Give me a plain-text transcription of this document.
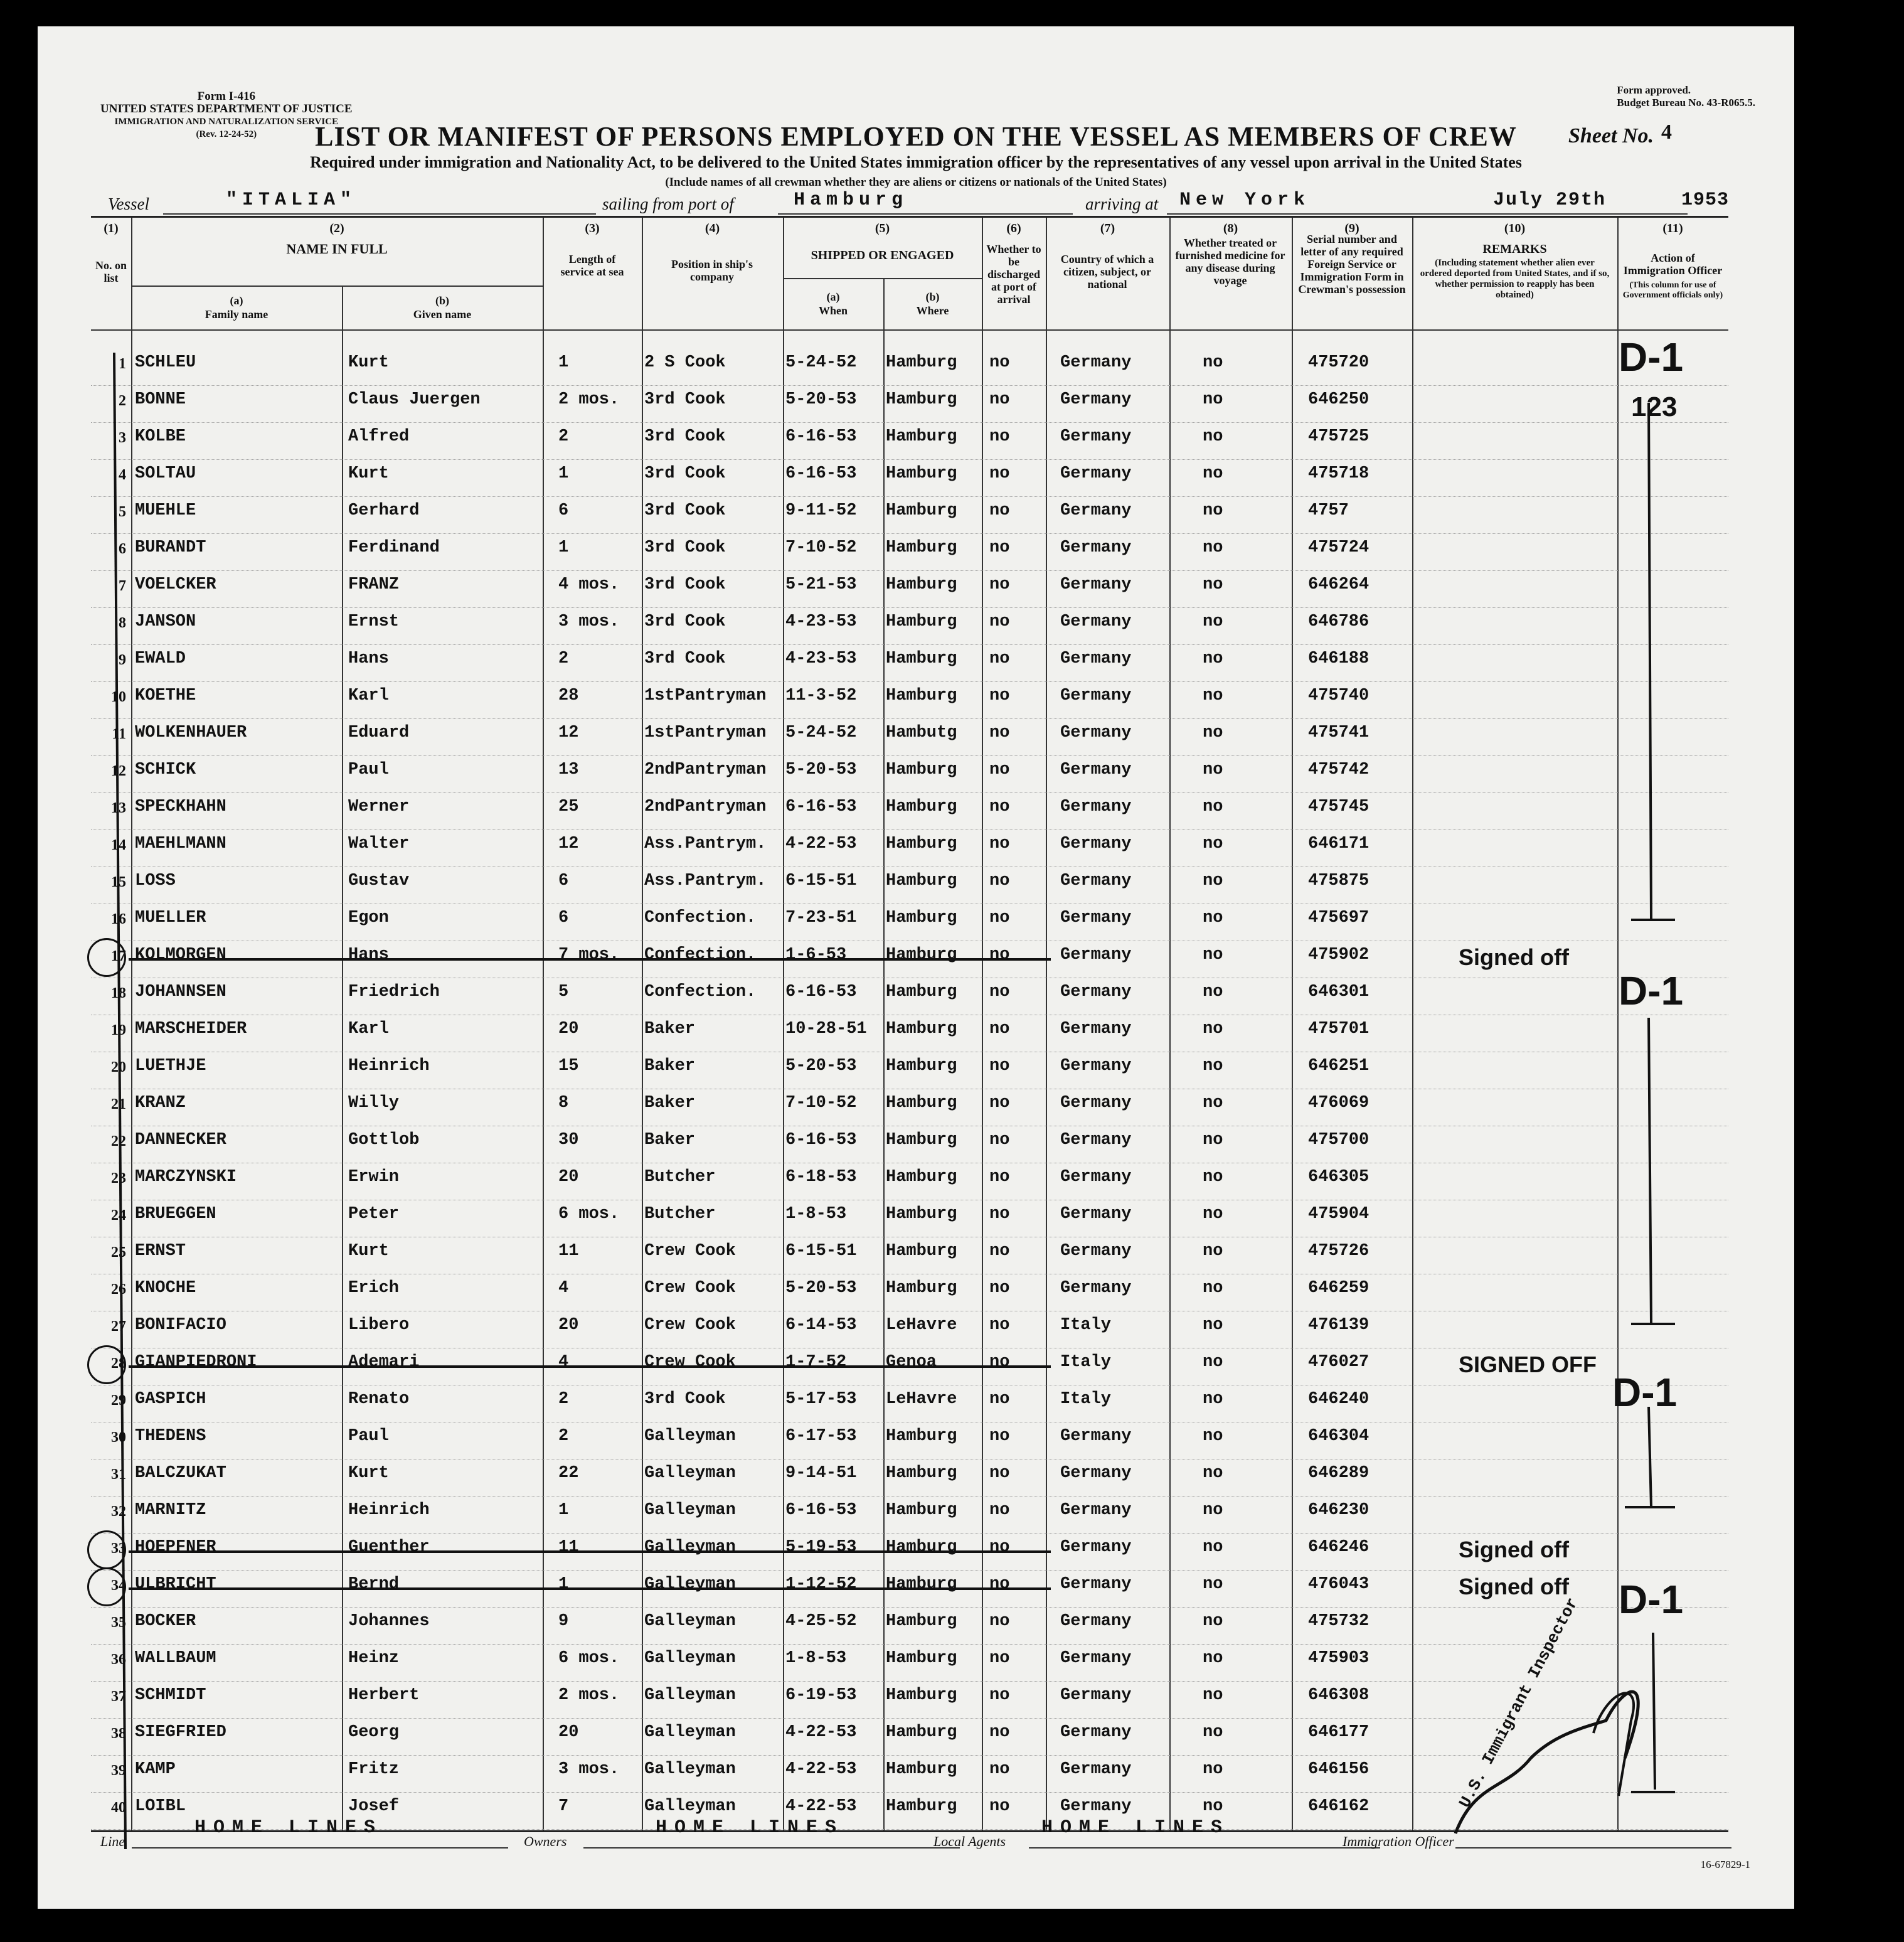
Form I-416
UNITED STATES DEPARTMENT OF JUSTICE
IMMIGRATION AND NATURALIZATION SERVICE
(Rev. 12-24-52)
Form approved.
Budget Bureau No. 43-R065.5.
LIST OR MANIFEST OF PERSONS EMPLOYED ON THE VESSEL AS MEMBERS OF CREW	Sheet No. 4
Required under immigration and Nationality Act, to be delivered to the United States immigration officer by the representatives of any vessel upon arrival in the United States
(Include names of all crewman whether they are aliens or citizens or nationals of the United States)
Vessel	"ITALIA"	sailing from port of	Hamburg	arriving at New York	July 29th	1953
(1)
No. on list
(2)
NAME IN FULL
(a)
Family name
(b)
Given name
(3)
Length of service at sea
(4)
Position in ship's company
(5)
SHIPPED OR ENGAGED
(a)
When
(b)
Where
(6)
Whether to be discharged at port of arrival
(7)
Country of which a citizen, subject, or national
(8)
Whether treated or furnished medicine for any disease during voyage
(9)
Serial number and letter of any required Foreign Service or Immigration Form in Crewman's possession
(10)
REMARKS
(Including statement whether alien ever ordered deported from United States, and if so, whether permission to reapply has been obtained)
(11)
Action of Immigration Officer
(This column for use of Government officials only)
1 SCHLEU	Kurt	1	2 S Cook	5-24-52 Hamburg no	Germany	no	475720
2 BONNE	Claus Juergen	2 mos. 3rd Cook	5-20-53 Hamburg no	Germany	no	646250
3 KOLBE	Alfred	2	3rd Cook	6-16-53 Hamburg no	Germany	no	475725
4 SOLTAU	Kurt	1	3rd Cook	6-16-53 Hamburg no	Germany	no	475718
5 MUEHLE	Gerhard	6	3rd Cook	9-11-52 Hamburg no	Germany	no	4757
6 BURANDT	Ferdinand	1	3rd Cook	7-10-52 Hamburg no	Germany	no	475724
7 VOELCKER	FRANZ	4 mos. 3rd Cook	5-21-53 Hamburg no	Germany	no	646264
8 JANSON	Ernst	3 mos. 3rd Cook	4-23-53 Hamburg no	Germany	no	646786
9 EWALD	Hans	2	3rd Cook	4-23-53 Hamburg no	Germany	no	646188
10 KOETHE	Karl	28	1stPantryman 11-3-52 Hamburg no	Germany	no	475740
11 WOLKENHAUER	Eduard	12	1stPantryman 5-24-52 Hambutg no	Germany	no	475741
12 SCHICK	Paul	13	2ndPantryman 5-20-53 Hamburg no	Germany	no	475742
13 SPECKHAHN	Werner	25	2ndPantryman 6-16-53 Hamburg no	Germany	no	475745
14 MAEHLMANN	Walter	12	Ass.Pantrym. 4-22-53 Hamburg no	Germany	no	646171
15 LOSS	Gustav	6	Ass.Pantrym. 6-15-51 Hamburg no	Germany	no	475875
16 MUELLER	Egon	6	Confection. 7-23-51 Hamburg no	Germany	no	475697
17 KOLMORGEN	Hans	7 mos. Confection. 1-6-53 Hamburg no	Germany	no	475902	Signed off
18 JOHANNSEN	Friedrich	5	Confection. 6-16-53 Hamburg no	Germany	no	646301
19 MARSCHEIDER	Karl	20	Baker	10-28-51 Hamburg no	Germany	no	475701
20 LUETHJE	Heinrich	15	Baker	5-20-53 Hamburg no	Germany	no	646251
21 KRANZ	Willy	8	Baker	7-10-52 Hamburg no	Germany	no	476069
22 DANNECKER	Gottlob	30	Baker	6-16-53 Hamburg no	Germany	no	475700
23 MARCZYNSKI	Erwin	20	Butcher	6-18-53 Hamburg no	Germany	no	646305
24 BRUEGGEN	Peter	6 mos. Butcher	1-8-53 Hamburg no	Germany	no	475904
25 ERNST	Kurt	11	Crew Cook	6-15-51 Hamburg no	Germany	no	475726
26 KNOCHE	Erich	4	Crew Cook	5-20-53 Hamburg no	Germany	no	646259
27 BONIFACIO	Libero	20	Crew Cook	6-14-53 LeHavre no	Italy	no	476139
28 GIANPIEDRONI	Ademari	4	Crew Cook	1-7-52 Genoa	no	Italy	no	476027	SIGNED OFF
29 GASPICH	Renato	2	3rd Cook	5-17-53 LeHavre no	Italy	no	646240
30 THEDENS	Paul	2	Galleyman	6-17-53 Hamburg no	Germany	no	646304
31 BALCZUKAT	Kurt	22	Galleyman	9-14-51 Hamburg no	Germany	no	646289
32 MARNITZ	Heinrich	1	Galleyman	6-16-53 Hamburg no	Germany	no	646230
33 HOEPFNER	Guenther	11	Galleyman	5-19-53 Hamburg no	Germany	no	646246	Signed off
34 ULBRICHT	Bernd	1	Galleyman	1-12-52 Hamburg no	Germany	no	476043	Signed off
35 BOCKER	Johannes	9	Galleyman	4-25-52 Hamburg no	Germany	no	475732
36 WALLBAUM	Heinz	6 mos. Galleyman	1-8-53 Hamburg no	Germany	no	475903
37 SCHMIDT	Herbert	2 mos. Galleyman	6-19-53 Hamburg no	Germany	no	646308
38 SIEGFRIED	Georg	20	Galleyman	4-22-53 Hamburg no	Germany	no	646177
39 KAMP	Fritz	3 mos. Galleyman	4-22-53 Hamburg no	Germany	no	646156
40 LOIBL	Josef	7	Galleyman	4-22-53 Hamburg no	Germany	no	646162
D-1
123
D-1
D-1
D-1
U.S. Immigrant Inspector
Line
HOME LINES
Owners
HOME LINES
Local Agents
HOME LINES
Immigration Officer
16-67829-1
